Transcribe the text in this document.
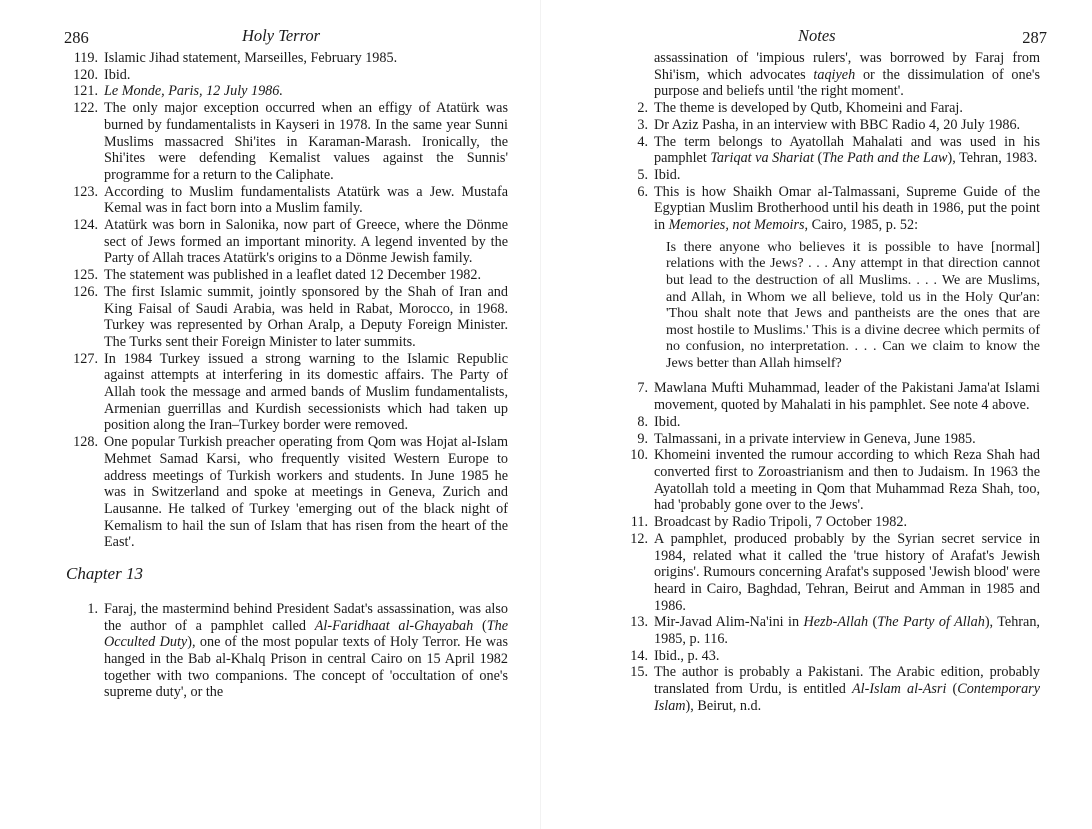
286	Holy Terror
119. Islamic Jihad statement, Marseilles, February 1985.
120. Ibid.
121. Le Monde, Paris, 12 July 1986.
122. The only major exception occurred when an effigy of Atatürk was burned by fundamentalists in Kayseri in 1978. In the same year Sunni Muslims massacred Shi'ites in Karaman-Marash. Ironically, the Shi'ites were defending Kemalist values against the Sunnis' programme for a return to the Caliphate.
123. According to Muslim fundamentalists Atatürk was a Jew. Mustafa Kemal was in fact born into a Muslim family.
124. Atatürk was born in Salonika, now part of Greece, where the Dönme sect of Jews formed an important minority. A legend invented by the Party of Allah traces Atatürk's origins to a Dönme Jewish family.
125. The statement was published in a leaflet dated 12 December 1982.
126. The first Islamic summit, jointly sponsored by the Shah of Iran and King Faisal of Saudi Arabia, was held in Rabat, Morocco, in 1968. Turkey was represented by Orhan Aralp, a Deputy Foreign Minister. The Turks sent their Foreign Minister to later summits.
127. In 1984 Turkey issued a strong warning to the Islamic Republic against attempts at interfering in its domestic affairs. The Party of Allah took the message and armed bands of Muslim fundamentalists, Armenian guerrillas and Kurdish secessionists which had taken up position along the Iran–Turkey border were removed.
128. One popular Turkish preacher operating from Qom was Hojat al-Islam Mehmet Samad Karsi, who frequently visited Western Europe to address meetings of Turkish workers and students. In June 1985 he was in Switzerland and spoke at meetings in Geneva, Zurich and Lausanne. He talked of Turkey 'emerging out of the black night of Kemalism to hail the sun of Islam that has risen from the heart of the East'.
Chapter 13
1. Faraj, the mastermind behind President Sadat's assassination, was also the author of a pamphlet called Al-Faridhaat al-Ghayabah (The Occulted Duty), one of the most popular texts of Holy Terror. He was hanged in the Bab al-Khalq Prison in central Cairo on 15 April 1982 together with two companions. The concept of 'occultation of one's supreme duty', or the
Notes	287
assassination of 'impious rulers', was borrowed by Faraj from Shi'ism, which advocates taqiyeh or the dissimulation of one's purpose and beliefs until 'the right moment'.
2. The theme is developed by Qutb, Khomeini and Faraj.
3. Dr Aziz Pasha, in an interview with BBC Radio 4, 20 July 1986.
4. The term belongs to Ayatollah Mahalati and was used in his pamphlet Tariqat va Shariat (The Path and the Law), Tehran, 1983.
5. Ibid.
6. This is how Shaikh Omar al-Talmassani, Supreme Guide of the Egyptian Muslim Brotherhood until his death in 1986, put the point in Memories, not Memoirs, Cairo, 1985, p. 52:
Is there anyone who believes it is possible to have [normal] relations with the Jews? . . . Any attempt in that direction cannot but lead to the destruction of all Muslims. . . . We are Muslims, and Allah, in Whom we all believe, told us in the Holy Qur'an: 'Thou shalt note that Jews and pantheists are the ones that are most hostile to Muslims.' This is a divine decree which permits of no confusion, no interpretation. . . . Can we claim to know the Jews better than Allah himself?
7. Mawlana Mufti Muhammad, leader of the Pakistani Jama'at Islami movement, quoted by Mahalati in his pamphlet. See note 4 above.
8. Ibid.
9. Talmassani, in a private interview in Geneva, June 1985.
10. Khomeini invented the rumour according to which Reza Shah had converted first to Zoroastrianism and then to Judaism. In 1963 the Ayatollah told a meeting in Qom that Muhammad Reza Shah, too, had 'probably gone over to the Jews'.
11. Broadcast by Radio Tripoli, 7 October 1982.
12. A pamphlet, produced probably by the Syrian secret service in 1984, related what it called the 'true history of Arafat's Jewish origins'. Rumours concerning Arafat's supposed 'Jewish blood' were heard in Cairo, Baghdad, Tehran, Beirut and Amman in 1985 and 1986.
13. Mir-Javad Alim-Na'ini in Hezb-Allah (The Party of Allah), Tehran, 1985, p. 116.
14. Ibid., p. 43.
15. The author is probably a Pakistani. The Arabic edition, probably translated from Urdu, is entitled Al-Islam al-Asri (Contemporary Islam), Beirut, n.d.
